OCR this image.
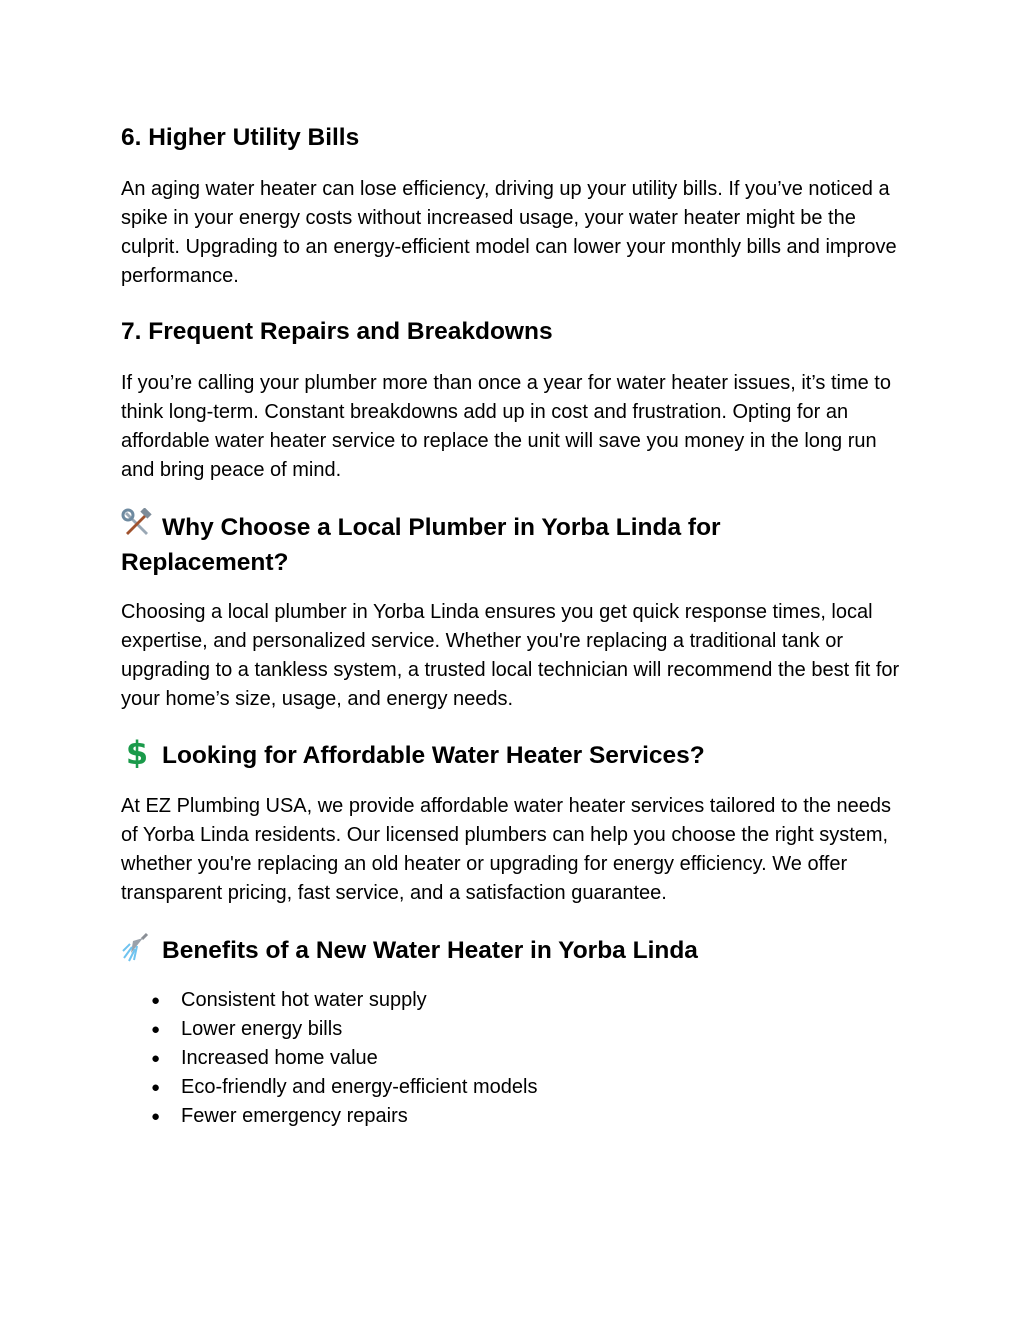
6. Higher Utility Bills

An aging water heater can lose efficiency, driving up your utility bills. If you’ve noticed a spike in your energy costs without increased usage, your water heater might be the culprit. Upgrading to an energy-efficient model can lower your monthly bills and improve performance.

7. Frequent Repairs and Breakdowns

If you’re calling your plumber more than once a year for water heater issues, it’s time to think long-term. Constant breakdowns add up in cost and frustration. Opting for an affordable water heater service to replace the unit will save you money in the long run and bring peace of mind.

Why Choose a Local Plumber in Yorba Linda for Replacement?

Choosing a local plumber in Yorba Linda ensures you get quick response times, local expertise, and personalized service. Whether you're replacing a traditional tank or upgrading to a tankless system, a trusted local technician will recommend the best fit for your home’s size, usage, and energy needs.

$ Looking for Affordable Water Heater Services?

At EZ Plumbing USA, we provide affordable water heater services tailored to the needs of Yorba Linda residents. Our licensed plumbers can help you choose the right system, whether you're replacing an old heater or upgrading for energy efficiency. We offer transparent pricing, fast service, and a satisfaction guarantee.

Benefits of a New Water Heater in Yorba Linda
● Consistent hot water supply
● Lower energy bills
● Increased home value
● Eco-friendly and energy-efficient models
● Fewer emergency repairs
